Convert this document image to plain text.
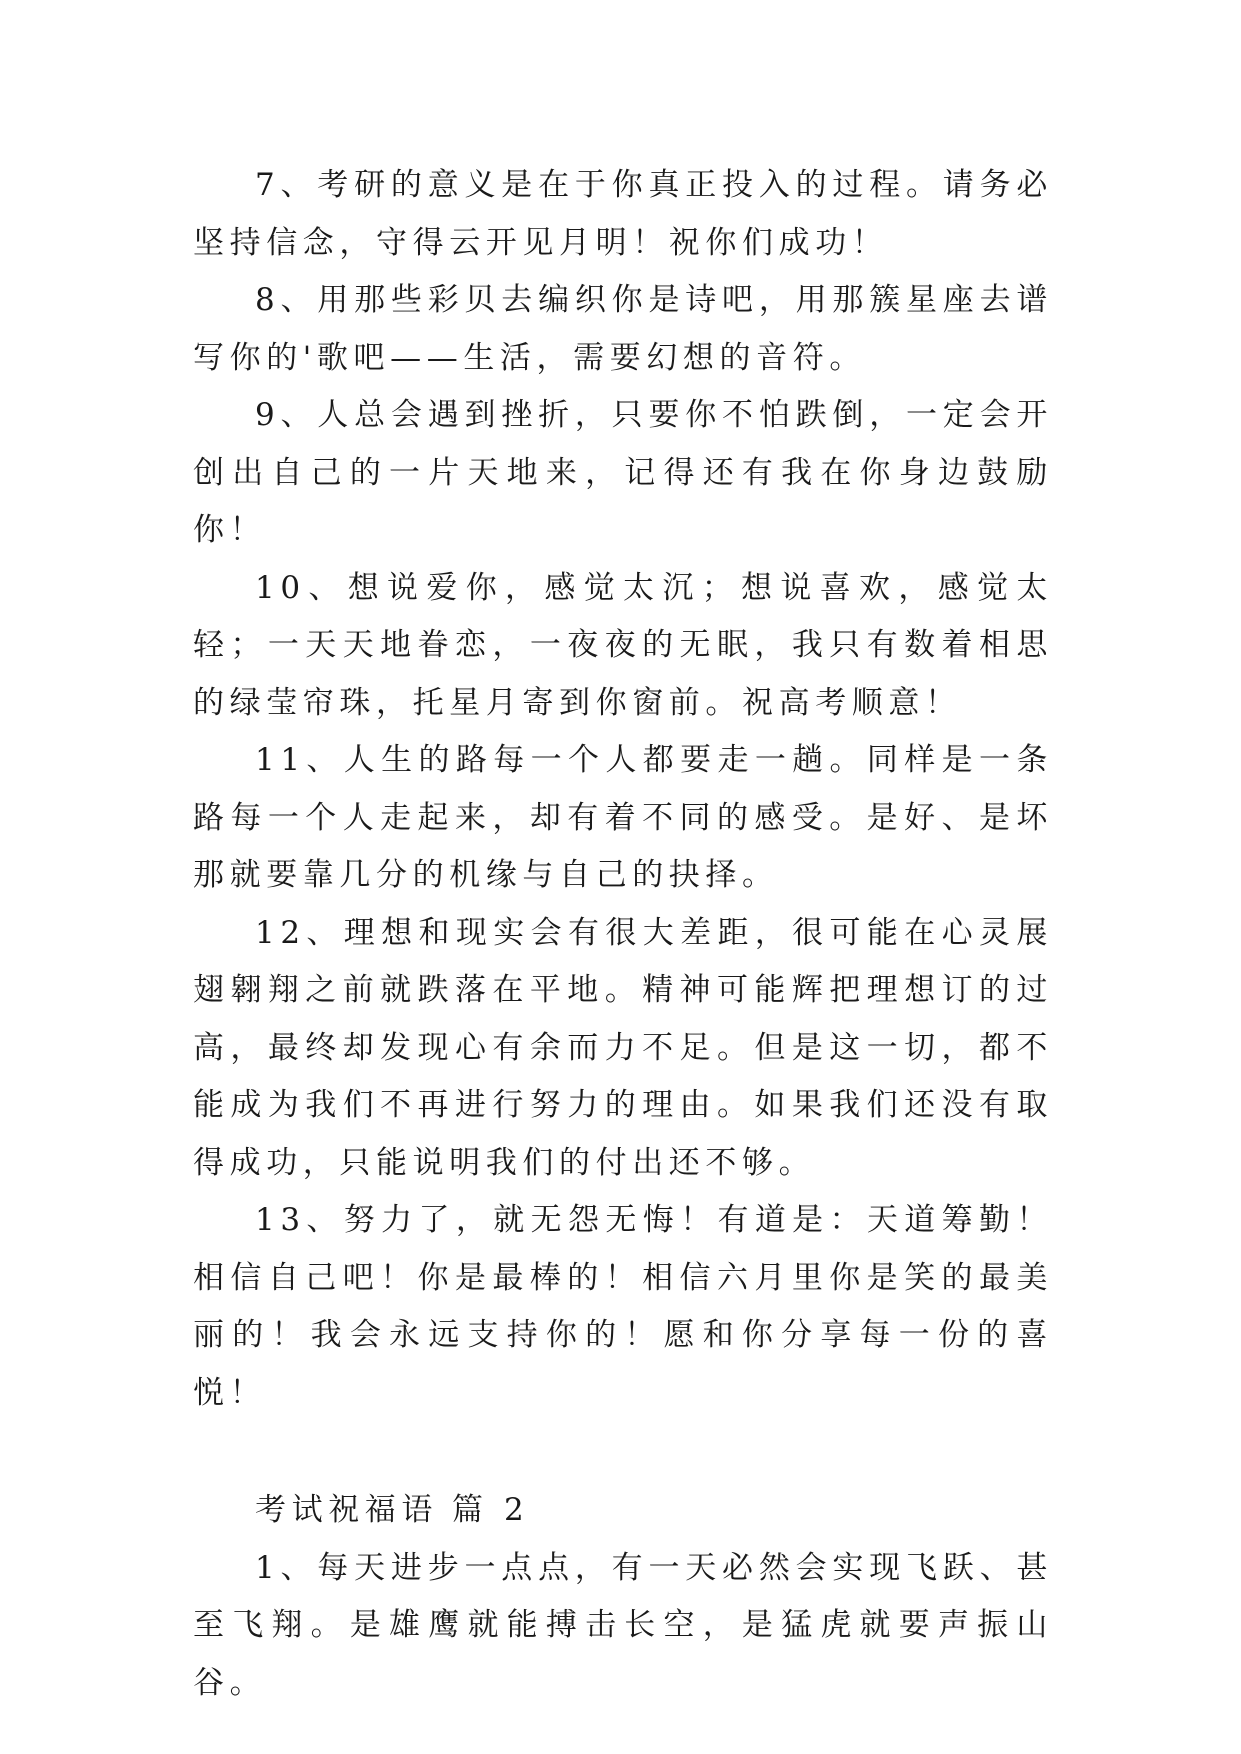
7、考研的意义是在于你真正投入的过程。请务必坚持信念，守得云开见月明！祝你们成功！

8、用那些彩贝去编织你是诗吧，用那簇星座去谱写你的'歌吧——生活，需要幻想的音符。

9、人总会遇到挫折，只要你不怕跌倒，一定会开创出自己的一片天地来，记得还有我在你身边鼓励你！

10、想说爱你，感觉太沉；想说喜欢，感觉太轻；一天天地眷恋，一夜夜的无眠，我只有数着相思的绿莹帘珠，托星月寄到你窗前。祝高考顺意！

11、人生的路每一个人都要走一趟。同样是一条路每一个人走起来，却有着不同的感受。是好、是坏那就要靠几分的机缘与自己的抉择。

12、理想和现实会有很大差距，很可能在心灵展翅翱翔之前就跌落在平地。精神可能辉把理想订的过高，最终却发现心有余而力不足。但是这一切，都不能成为我们不再进行努力的理由。如果我们还没有取得成功，只能说明我们的付出还不够。

13、努力了，就无怨无悔！有道是：天道筹勤！相信自己吧！你是最棒的！相信六月里你是笑的最美丽的！我会永远支持你的！愿和你分享每一份的喜悦！

考试祝福语 篇 2

1、每天进步一点点，有一天必然会实现飞跃、甚至飞翔。是雄鹰就能搏击长空，是猛虎就要声振山谷。
